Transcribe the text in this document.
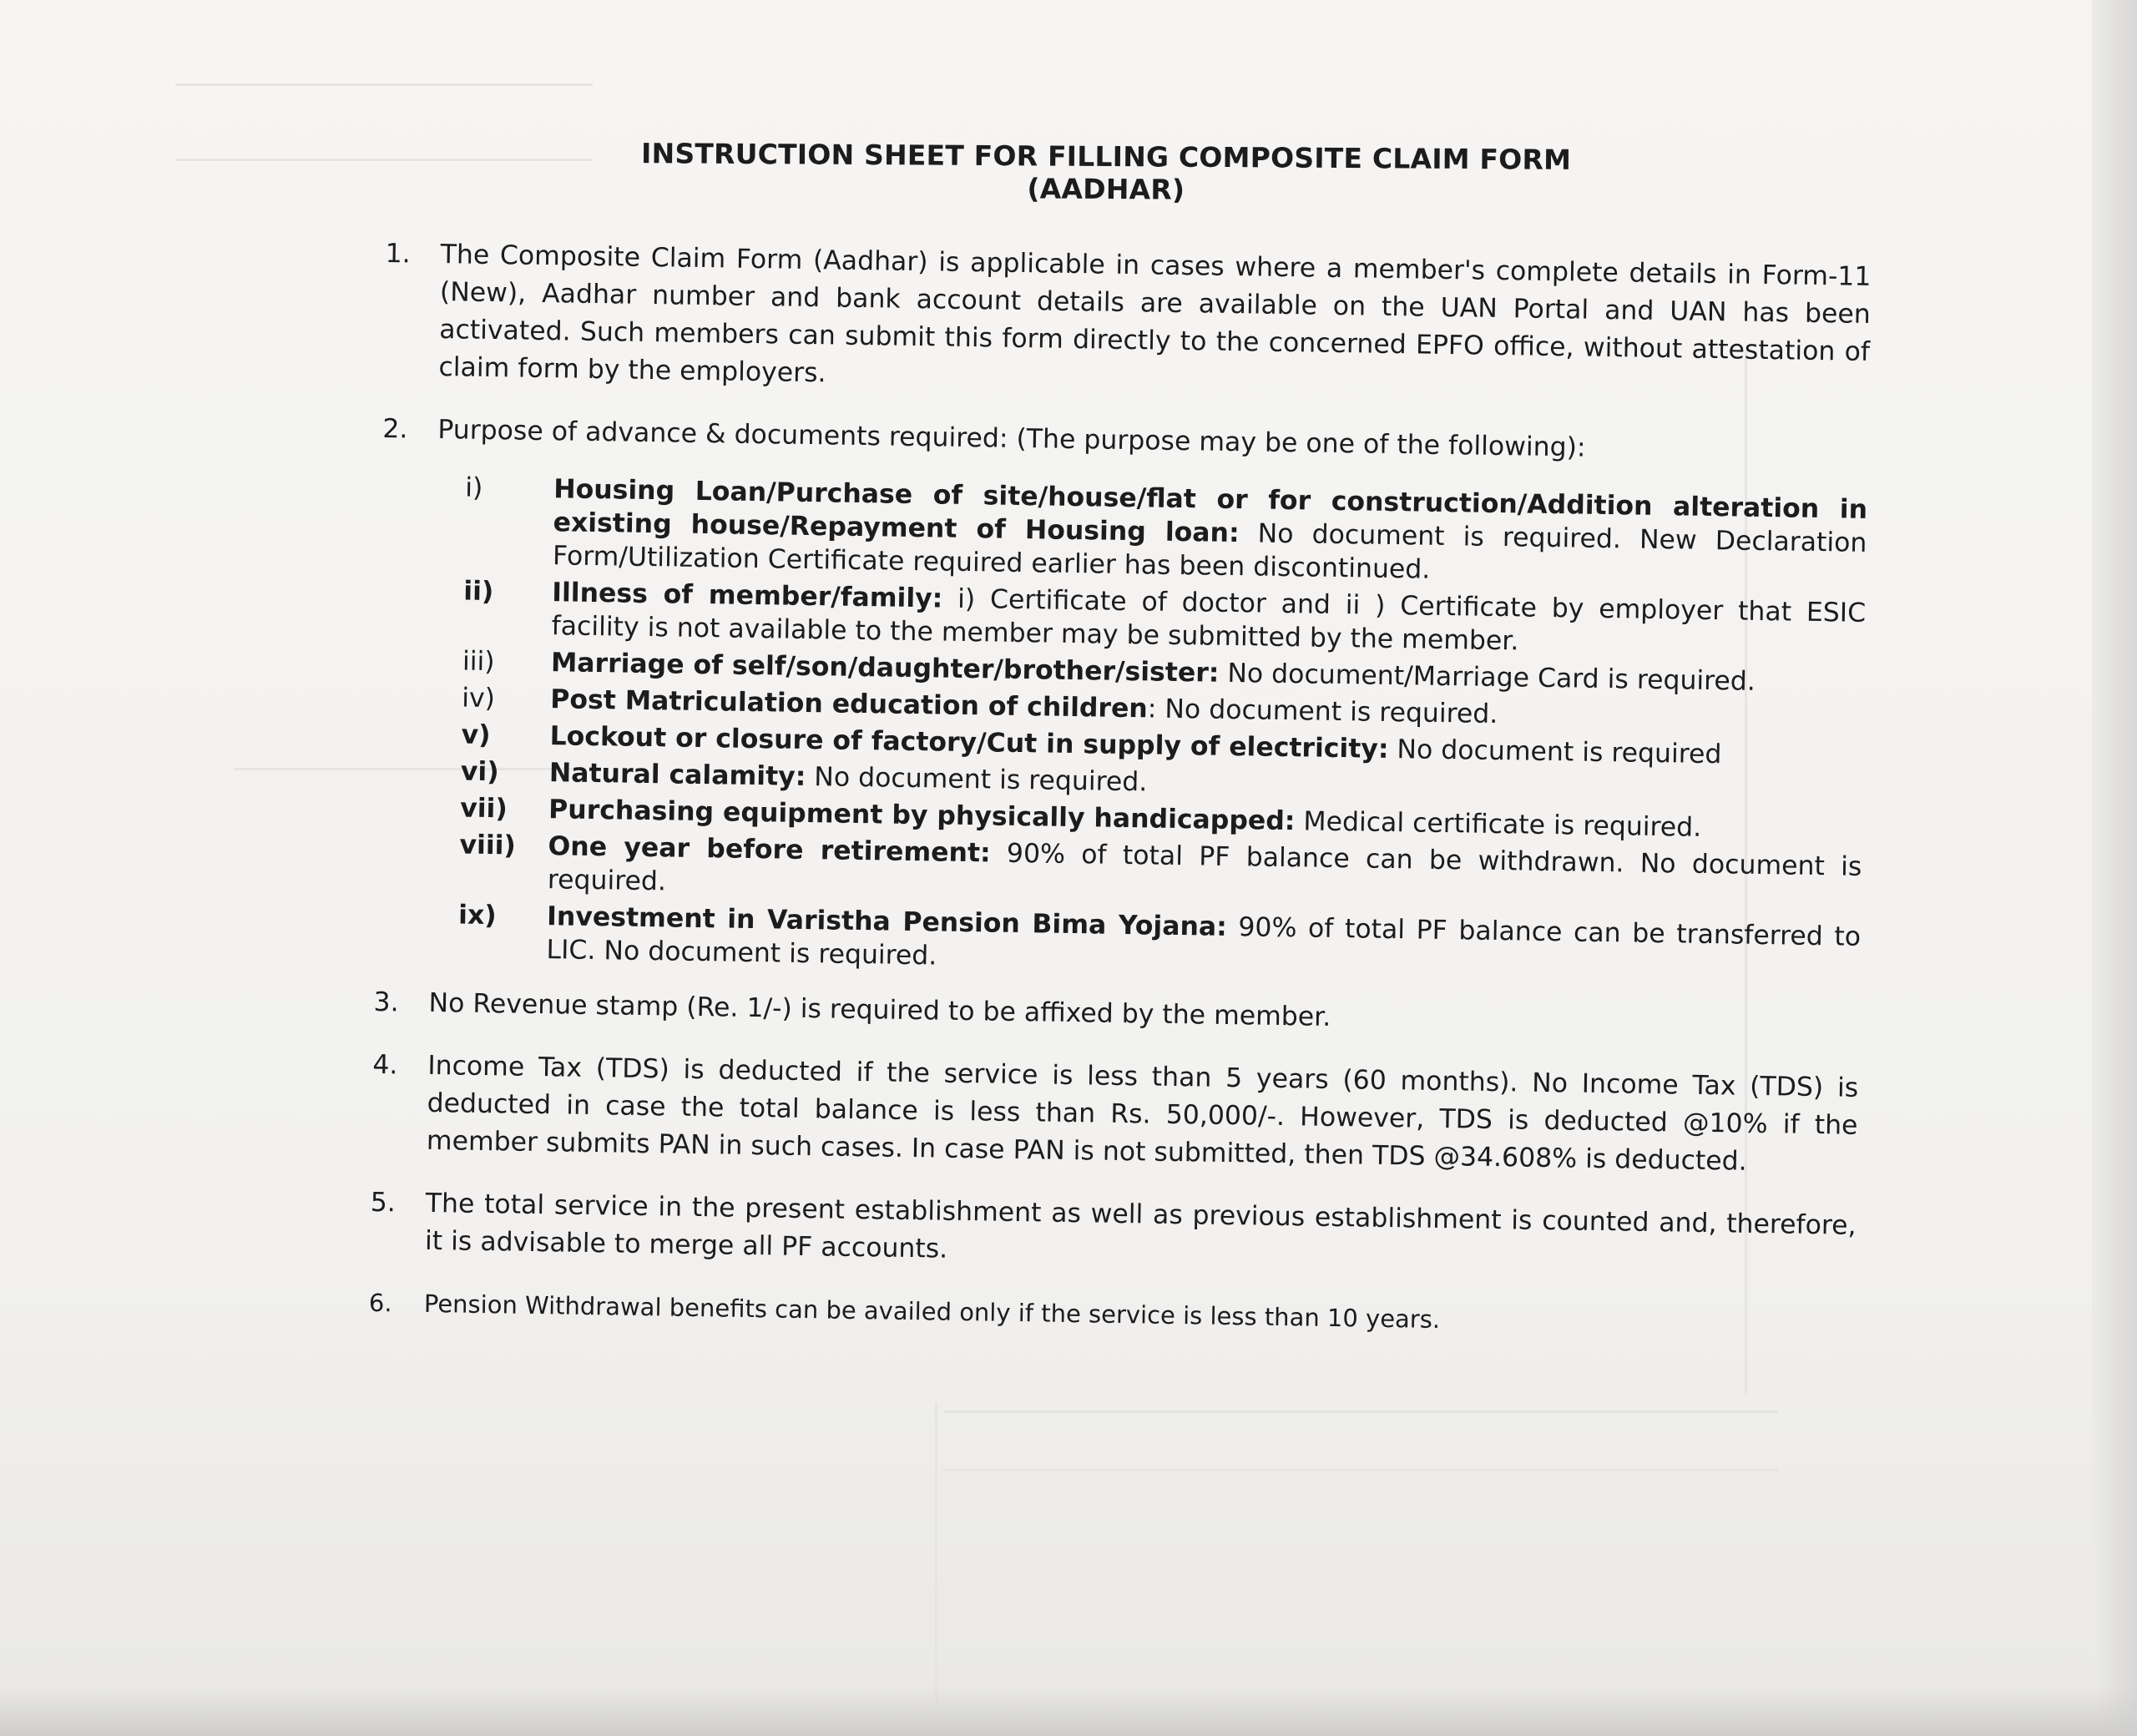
INSTRUCTION SHEET FOR FILLING COMPOSITE CLAIM FORM (AADHAR)
1. The Composite Claim Form (Aadhar) is applicable in cases where a member's complete details in Form-11 (New), Aadhar number and bank account details are available on the UAN Portal and UAN has been activated. Such members can submit this form directly to the concerned EPFO office, without attestation of claim form by the employers.
2. Purpose of advance & documents required: (The purpose may be one of the following):
i)	Housing Loan/Purchase of site/house/flat or for construction/Addition alteration in existing house/Repayment of Housing loan: No document is required. New Declaration Form/Utilization Certificate required earlier has been discontinued.
ii) Illness of member/family: i) Certificate of doctor and ii ) Certificate by employer that ESIC facility is not available to the member may be submitted by the member.
iii) Marriage of self/son/daughter/brother/sister: No document/Marriage Card is required.
iv) Post Matriculation education of children: No document is required.
v) Lockout or closure of factory/Cut in supply of electricity: No document is required
vi) Natural calamity: No document is required.
vii) Purchasing equipment by physically handicapped: Medical certificate is required.
viii) One year before retirement: 90% of total PF balance can be withdrawn. No document is required.
ix) Investment in Varistha Pension Bima Yojana: 90% of total PF balance can be transferred to LIC. No document is required.
3. No Revenue stamp (Re. 1/-) is required to be affixed by the member.
4. Income Tax (TDS) is deducted if the service is less than 5 years (60 months). No Income Tax (TDS) is deducted in case the total balance is less than Rs. 50,000/-. However, TDS is deducted @10% if the member submits PAN in such cases. In case PAN is not submitted, then TDS @34.608% is deducted.
5. The total service in the present establishment as well as previous establishment is counted and, therefore, it is advisable to merge all PF accounts.
6. Pension Withdrawal benefits can be availed only if the service is less than 10 years.
